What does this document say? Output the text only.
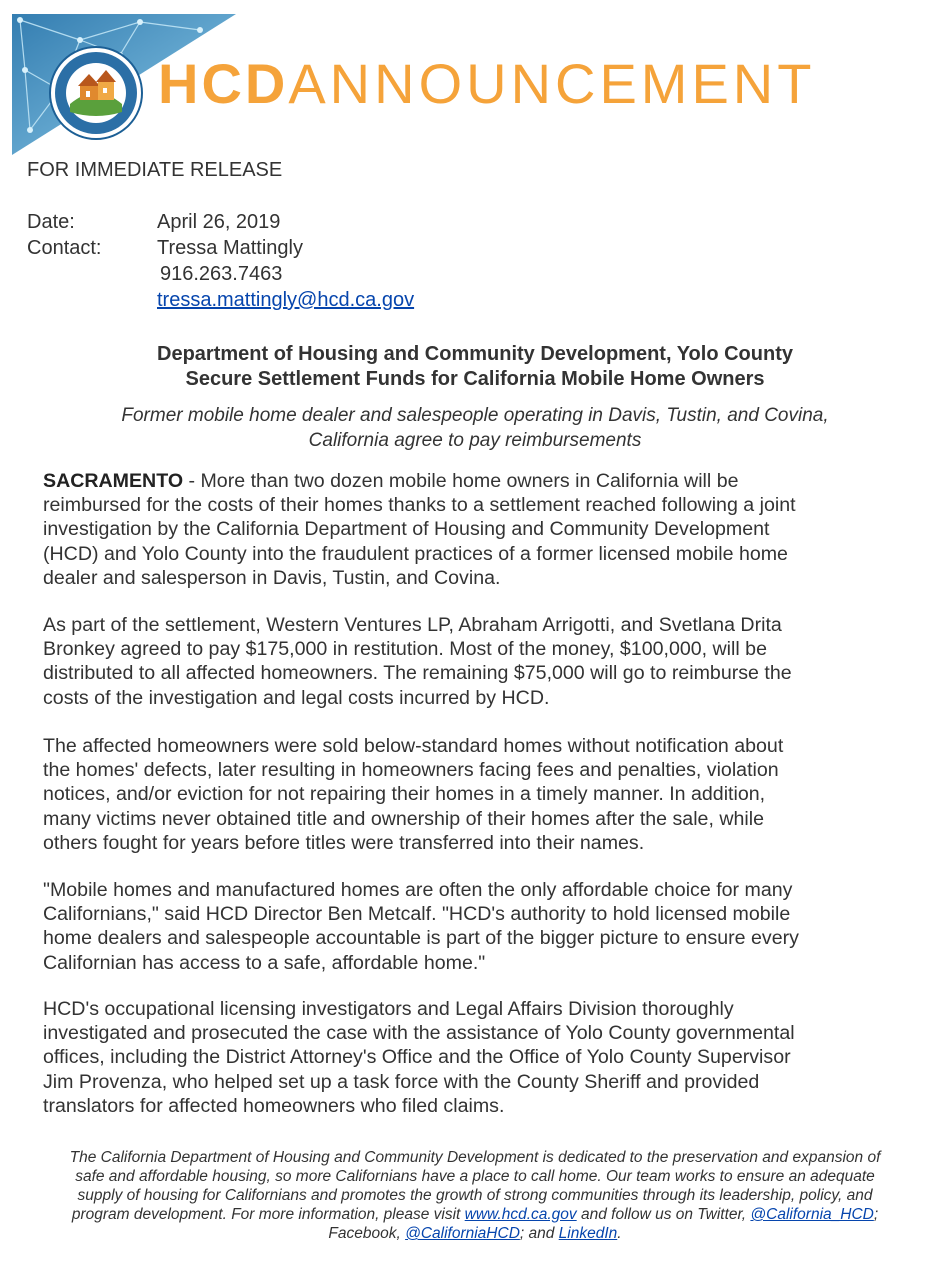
HCDANNOUNCEMENT
FOR IMMEDIATE RELEASE
Date:	April 26, 2019
Contact:	Tressa Mattingly
916.263.7463
tressa.mattingly@hcd.ca.gov
Department of Housing and Community Development, Yolo County
Secure Settlement Funds for California Mobile Home Owners
Former mobile home dealer and salespeople operating in Davis, Tustin, and Covina,
California agree to pay reimbursements
SACRAMENTO - More than two dozen mobile home owners in California will be
reimbursed for the costs of their homes thanks to a settlement reached following a joint
investigation by the California Department of Housing and Community Development
(HCD) and Yolo County into the fraudulent practices of a former licensed mobile home
dealer and salesperson in Davis, Tustin, and Covina.
As part of the settlement, Western Ventures LP, Abraham Arrigotti, and Svetlana Drita
Bronkey agreed to pay $175,000 in restitution. Most of the money, $100,000, will be
distributed to all affected homeowners. The remaining $75,000 will go to reimburse the
costs of the investigation and legal costs incurred by HCD.
The affected homeowners were sold below-standard homes without notification about
the homes' defects, later resulting in homeowners facing fees and penalties, violation
notices, and/or eviction for not repairing their homes in a timely manner. In addition,
many victims never obtained title and ownership of their homes after the sale, while
others fought for years before titles were transferred into their names.
"Mobile homes and manufactured homes are often the only affordable choice for many
Californians," said HCD Director Ben Metcalf. "HCD's authority to hold licensed mobile
home dealers and salespeople accountable is part of the bigger picture to ensure every
Californian has access to a safe, affordable home."
HCD's occupational licensing investigators and Legal Affairs Division thoroughly
investigated and prosecuted the case with the assistance of Yolo County governmental
offices, including the District Attorney's Office and the Office of Yolo County Supervisor
Jim Provenza, who helped set up a task force with the County Sheriff and provided
translators for affected homeowners who filed claims.
The California Department of Housing and Community Development is dedicated to the preservation and expansion of
safe and affordable housing, so more Californians have a place to call home. Our team works to ensure an adequate
supply of housing for Californians and promotes the growth of strong communities through its leadership, policy, and
program development. For more information, please visit www.hcd.ca.gov and follow us on Twitter, @California_HCD;
Facebook, @CaliforniaHCD; and LinkedIn.
